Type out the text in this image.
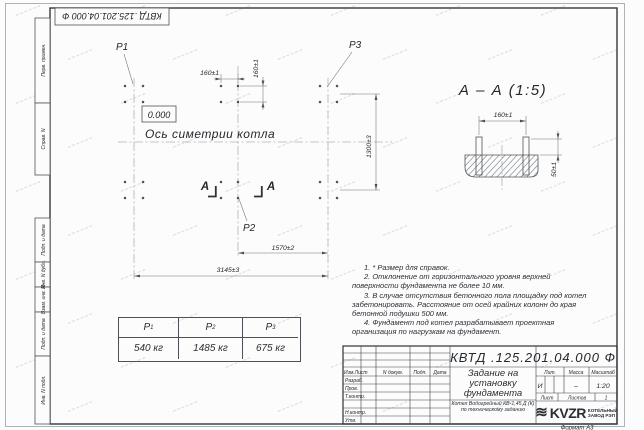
Перв. примен.
Справ. N
Подп. и дата
Инв. N дубл.
Взам. инв. N
Подп. и дата
Инв. N подл.
КВТД .125.201.04.000 Ф
P1	P3
P2
0.000
Ось симетрии котла
160±1	160±1
1300±3
1570±2
3145±3
А	А
А – А (1:5)
160±1
50±1
КВТД .125.201.04.000 Ф
Изм.Лист	N докум. Подп. Дата
Разраб.
Пров.
Т.контр.
Н.контр.
Утв.
Лит.	Масса Масштаб
И	–	1:20
Лист	Листов	1
Формат А3

1. * Размер для справок.

2. Отклонение от горизонтального уровня верхней поверхности фундамента не более 10 мм.

3. В случае отсутствия бетонного пола площадку под котел забетонировать. Расстояние от осей крайних колонн до края бетонной подушки 500 мм.

4. Фундамент под котел разрабатывает проектная организация по нагрузкам на фундамент.

P 1	P 2	P 3
540 кг	1485 кг	675 кг
Задание на установку фундамента
Котел Водогрейный КВ-1,45 Д (К) по техническому заданию ≋ KVZR КОТЕЛЬНЫЙ
ЗАВОД РЭП
